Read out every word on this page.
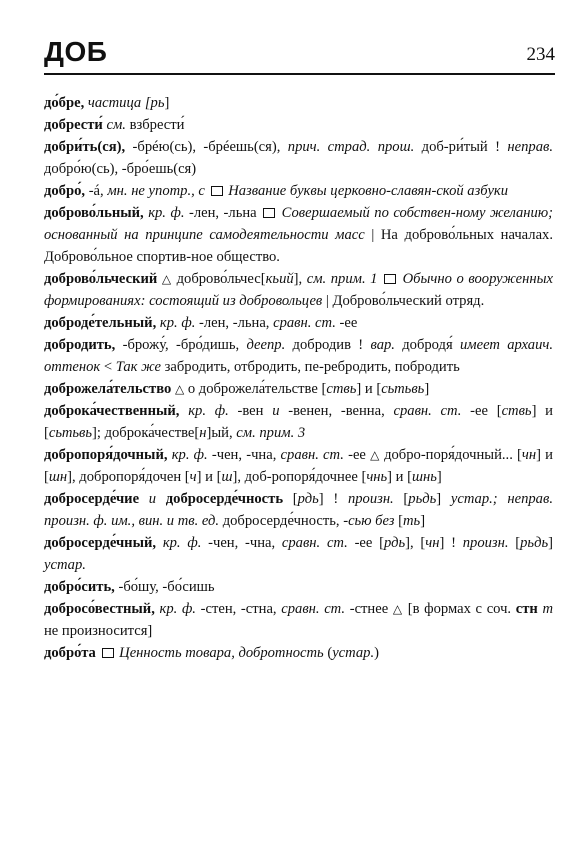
ДОБ	234

до́бре, частица [рь]

добрести́ см. взбрести́

добри́ть(ся), -брéю(сь), -брéешь(ся), прич. страд. прош. доб-ри́тый ! неправ. добро́ю(сь), -бро́ешь(ся)

добро́, -á, мн. не употр., с Название буквы церковно-славян-ской азбуки

доброво́льный, кр. ф. -лен, -льна  Совершаемый по собствен-ному желанию; основанный на принципе самодеятельности масс | На доброво́льных началах. Доброво́льное спортив-ное общество.

доброво́льческий △ доброво́льчес[кьий], см. прим. 1 Обычно о вооруженных формированиях: состоящий из добровольцев | Доброво́льческий отряд.

доброде́тельный, кр. ф. -лен, -льна, сравн. ст. -ее

добродить, -брожу́, -бро́дишь, деепр. добродив ! вар. добродя́ имеет архаич. оттенок < Так же забродить, отбродить, пе-ребродить, побродить

доброжела́тельство △ о доброжела́тельстве [ствь] и [сьтьвь]

доброка́чественный, кр. ф. -вен и -венен, -венна, сравн. ст. -ее [ствь] и [сьтьвь]; доброка́честве[н]ый, см. прим. 3

добропоря́дочный, кр. ф. -чен, -чна, сравн. ст. -ее △ добро-поря́дочный... [чн] и [шн], добропоря́дочен [ч] и [ш], доб-ропоря́дочнее [чнь] и [шнь]

добросерде́чие и добросерде́чность [рдь] ! произн. [рьдь] устар.; неправ. произн. ф. им., вин. и тв. ед. добросерде́чность, -сью без [ть]

добросерде́чный, кр. ф. -чен, -чна, сравн. ст. -ее [рдь], [чн] ! произн. [рьдь] устар.

добро́сить, -бо́шу, -бо́сишь

добросо́вестный, кр. ф. -стен, -стна, сравн. ст. -стнее △ [в формах с соч. стн т не произносится]

добро́та Ценность товара, добротность (устар.)
